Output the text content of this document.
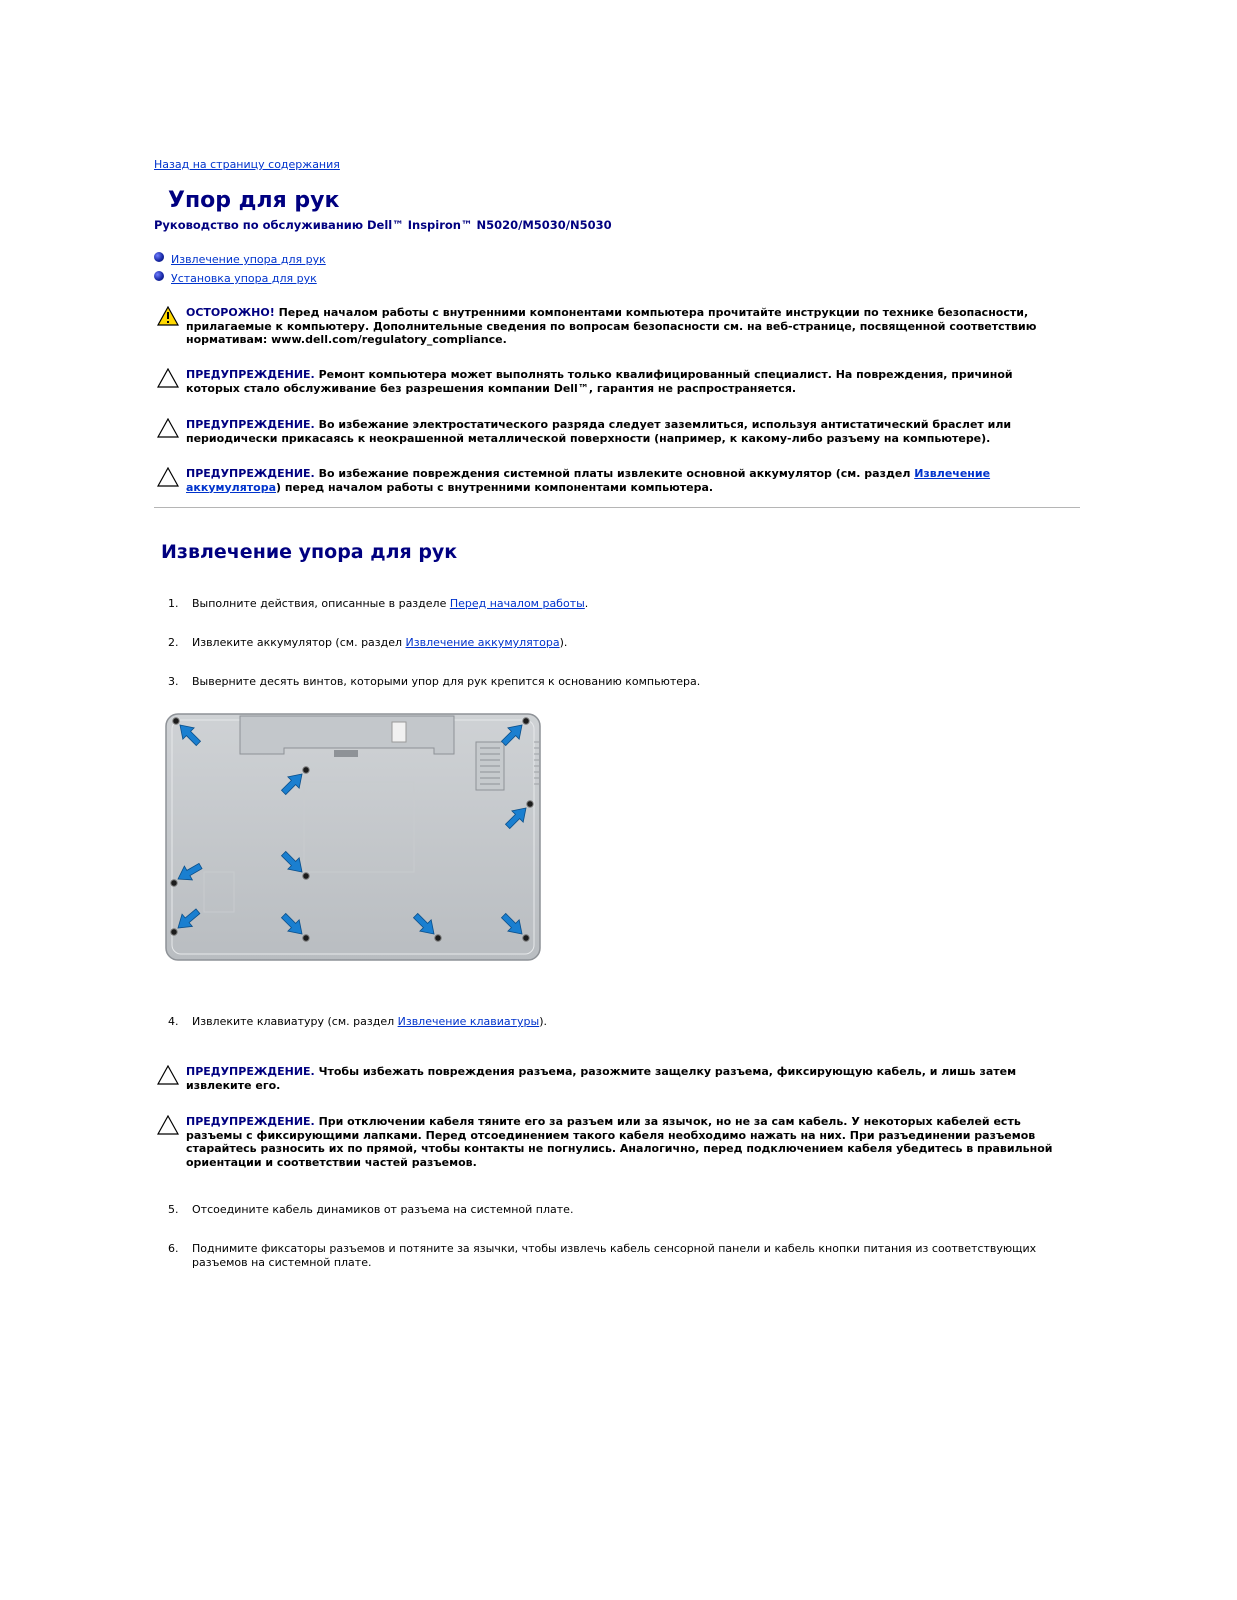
Назад на страницу содержания
Упор для рук
Руководство по обслуживанию Dell™ Inspiron™ N5020/M5030/N5030
Извлечение упора для рук
Установка упора для рук
ОСТОРОЖНО! Перед началом работы с внутренними компонентами компьютера прочитайте инструкции по технике безопасности, прилагаемые к компьютеру. Дополнительные сведения по вопросам безопасности см. на веб-странице, посвященной соответствию нормативам: www.dell.com/regulatory_compliance.
ПРЕДУПРЕЖДЕНИЕ. Ремонт компьютера может выполнять только квалифицированный специалист. На повреждения, причиной которых стало обслуживание без разрешения компании Dell™, гарантия не распространяется.
ПРЕДУПРЕЖДЕНИЕ. Во избежание электростатического разряда следует заземлиться, используя антистатический браслет или периодически прикасаясь к неокрашенной металлической поверхности (например, к какому-либо разъему на компьютере).
ПРЕДУПРЕЖДЕНИЕ. Во избежание повреждения системной платы извлеките основной аккумулятор (см. раздел Извлечение аккумулятора) перед началом работы с внутренними компонентами компьютера.
Извлечение упора для рук
1.	Выполните действия, описанные в разделе Перед началом работы.
2.	Извлеките аккумулятор (см. раздел Извлечение аккумулятора).
3.	Выверните десять винтов, которыми упор для рук крепится к основанию компьютера.
4.	Извлеките клавиатуру (см. раздел Извлечение клавиатуры).
ПРЕДУПРЕЖДЕНИЕ. Чтобы избежать повреждения разъема, разожмите защелку разъема, фиксирующую кабель, и лишь затем извлеките его.
ПРЕДУПРЕЖДЕНИЕ. При отключении кабеля тяните его за разъем или за язычок, но не за сам кабель. У некоторых кабелей есть разъемы с фиксирующими лапками. Перед отсоединением такого кабеля необходимо нажать на них. При разъединении разъемов старайтесь разносить их по прямой, чтобы контакты не погнулись. Аналогично, перед подключением кабеля убедитесь в правильной ориентации и соответствии частей разъемов.
5.	Отсоедините кабель динамиков от разъема на системной плате.
6.	Поднимите фиксаторы разъемов и потяните за язычки, чтобы извлечь кабель сенсорной панели и кабель кнопки питания из соответствующих разъемов на системной плате.
